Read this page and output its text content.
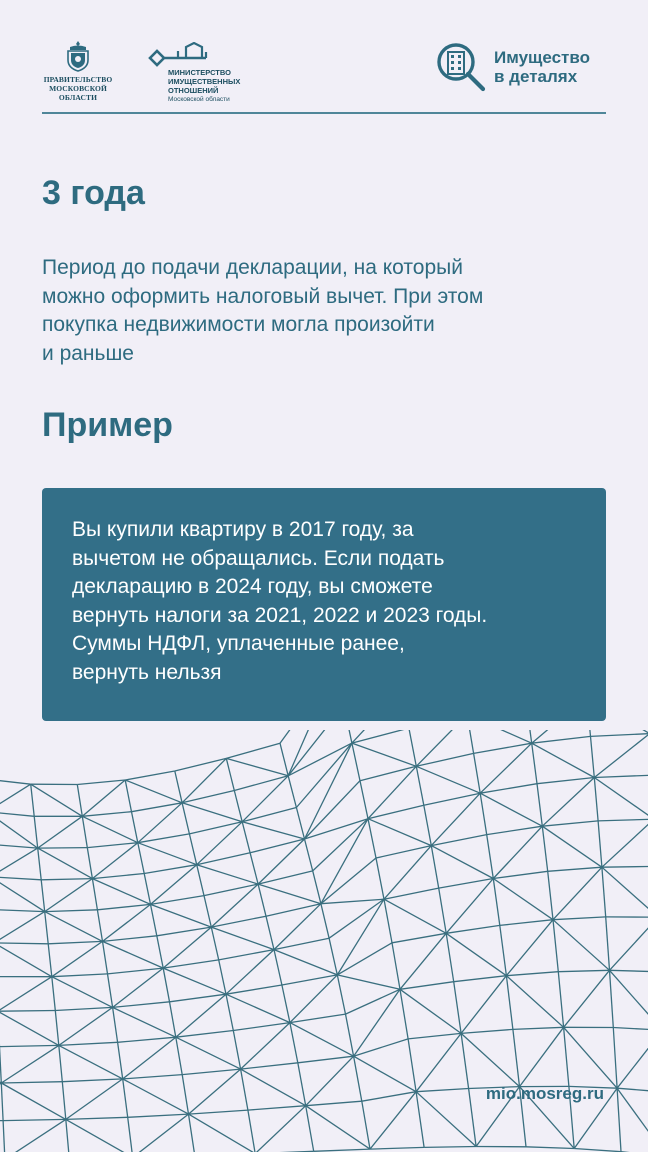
ПРАВИТЕЛЬСТВО
МОСКОВСКОЙ
ОБЛАСТИ
МИНИСТЕРСТВО
ИМУЩЕСТВЕННЫХ
ОТНОШЕНИЙ
Московской области
Имущество
в деталях
3 года

Период до подачи декларации, на который
можно оформить налоговый вычет. При этом
покупка недвижимости могла произойти
и раньше

Пример

Вы купили квартиру в 2017 году, за
вычетом не обращались. Если подать
декларацию в 2024 году, вы сможете
вернуть налоги за 2021, 2022 и 2023 годы.
Суммы НДФЛ, уплаченные ранее,
вернуть нельзя

mio.mosreg.ru
